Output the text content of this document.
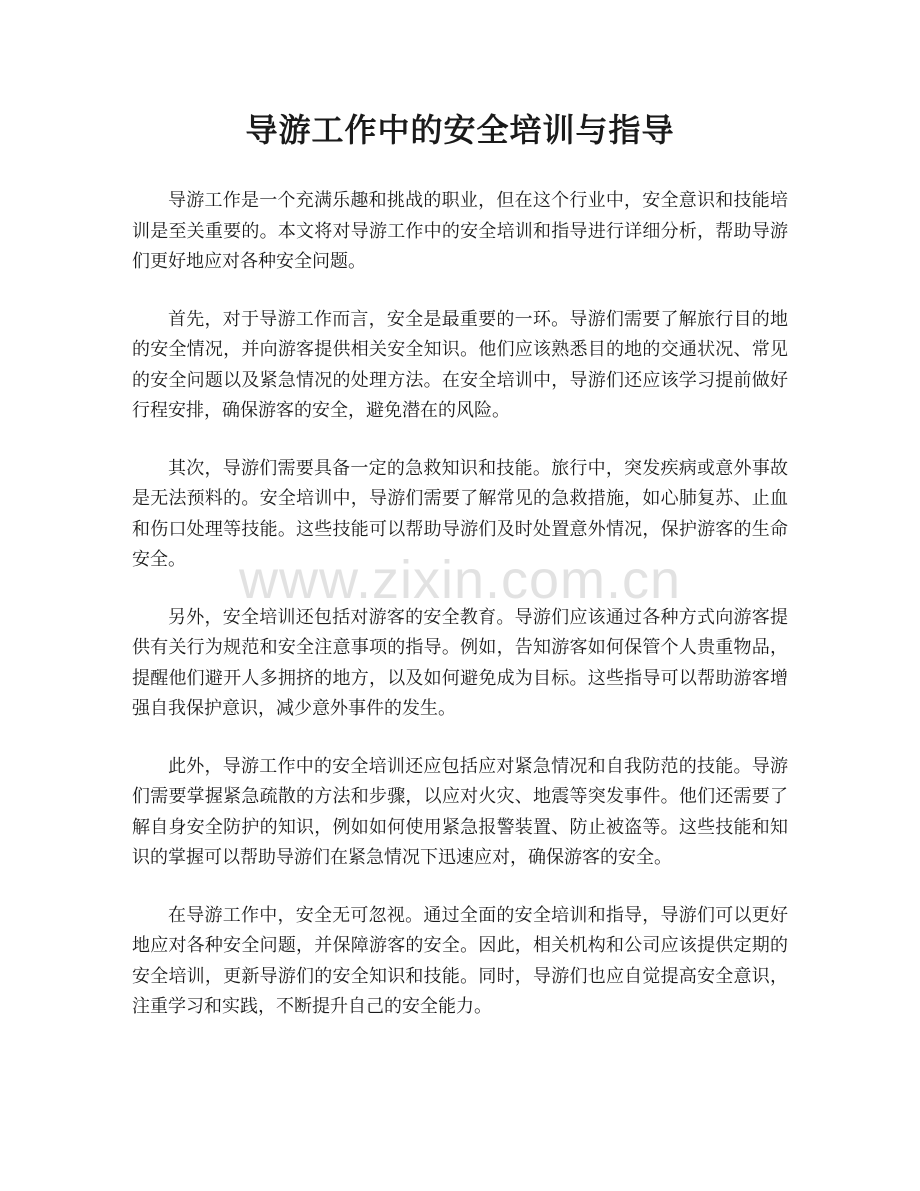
导游工作中的安全培训与指导

导游工作是一个充满乐趣和挑战的职业，但在这个行业中，安全意识和技能培训是至关重要的。本文将对导游工作中的安全培训和指导进行详细分析，帮助导游们更好地应对各种安全问题。

首先，对于导游工作而言，安全是最重要的一环。导游们需要了解旅行目的地的安全情况，并向游客提供相关安全知识。他们应该熟悉目的地的交通状况、常见的安全问题以及紧急情况的处理方法。在安全培训中，导游们还应该学习提前做好行程安排，确保游客的安全，避免潜在的风险。

其次，导游们需要具备一定的急救知识和技能。旅行中，突发疾病或意外事故是无法预料的。安全培训中，导游们需要了解常见的急救措施，如心肺复苏、止血和伤口处理等技能。这些技能可以帮助导游们及时处置意外情况，保护游客的生命安全。

另外，安全培训还包括对游客的安全教育。导游们应该通过各种方式向游客提供有关行为规范和安全注意事项的指导。例如，告知游客如何保管个人贵重物品，提醒他们避开人多拥挤的地方，以及如何避免成为目标。这些指导可以帮助游客增强自我保护意识，减少意外事件的发生。

此外，导游工作中的安全培训还应包括应对紧急情况和自我防范的技能。导游们需要掌握紧急疏散的方法和步骤，以应对火灾、地震等突发事件。他们还需要了解自身安全防护的知识，例如如何使用紧急报警装置、防止被盗等。这些技能和知识的掌握可以帮助导游们在紧急情况下迅速应对，确保游客的安全。

在导游工作中，安全无可忽视。通过全面的安全培训和指导，导游们可以更好地应对各种安全问题，并保障游客的安全。因此，相关机构和公司应该提供定期的安全培训，更新导游们的安全知识和技能。同时，导游们也应自觉提高安全意识，注重学习和实践，不断提升自己的安全能力。

www.zixin.com.cn
